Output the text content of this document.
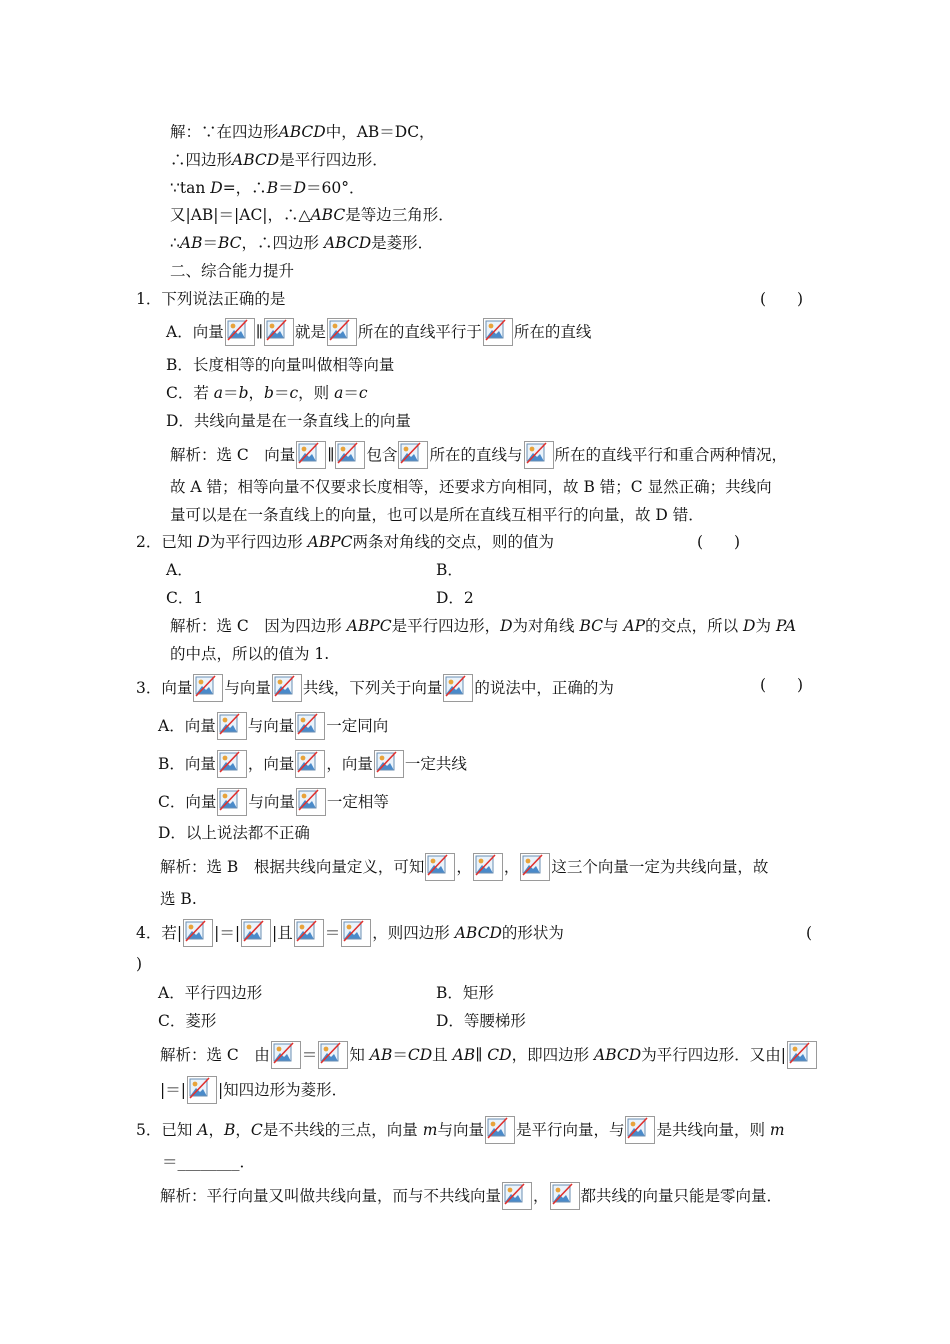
解：∵在四边形 ABCD 中，AB＝DC，
∴四边形 ABCD 是平行四边形．
∵tan D =，∴ B ＝ D ＝60°．
又|AB|＝|AC|，∴△ ABC 是等边三角形．
∴ AB ＝ BC ，∴四边形 ABCD 是菱形．
二、综合能力提升
1．下列说法正确的是	(　　)
A．向量 ∥ 就是 所在的直线平行于 所在的直线
B．长度相等的向量叫做相等向量
C．若 a ＝ b ， b ＝ c ，则 a ＝ c
D．共线向量是在一条直线上的向量
解析：选 C　向量 ∥ 包含 所在的直线与 所在的直线平行和重合两种情况，
故 A 错；相等向量不仅要求长度相等，还要求方向相同，故 B 错；C 显然正确；共线向
量可以是在一条直线上的向量，也可以是所在直线互相平行的向量，故 D 错．
2．已知 D 为平行四边形 ABPC 两条对角线的交点，则的值为	(　　)
A．	B．
C．1	D．2
解析：选 C　因为四边形 ABPC 是平行四边形， D 为对角线 BC 与 AP 的交点，所以 D 为 PA
的中点，所以的值为 1.
3．向量 与向量 共线，下列关于向量 的说法中，正确的为	(　　)
A．向量 与向量 一定同向
B．向量 ，向量 ，向量 一定共线
C．向量 与向量 一定相等
D．以上说法都不正确
解析：选 B　根据共线向量定义，可知 ， ， 这三个向量一定为共线向量，故
选 B.
4．若| |＝| |且 ＝ ，则四边形 ABCD 的形状为	(
)
A．平行四边形	B．矩形
C．菱形	D．等腰梯形
解析：选 C　由 ＝ 知 AB ＝ CD 且 AB ∥ CD ，即四边形 ABCD 为平行四边形．又由|
|＝| |知四边形为菱形．
5．已知 A ， B ， C 是不共线的三点，向量 m 与向量 是平行向量，与 是共线向量，则 m
＝________．
解析：平行向量又叫做共线向量，而与不共线向量 ， 都共线的向量只能是零向量．
